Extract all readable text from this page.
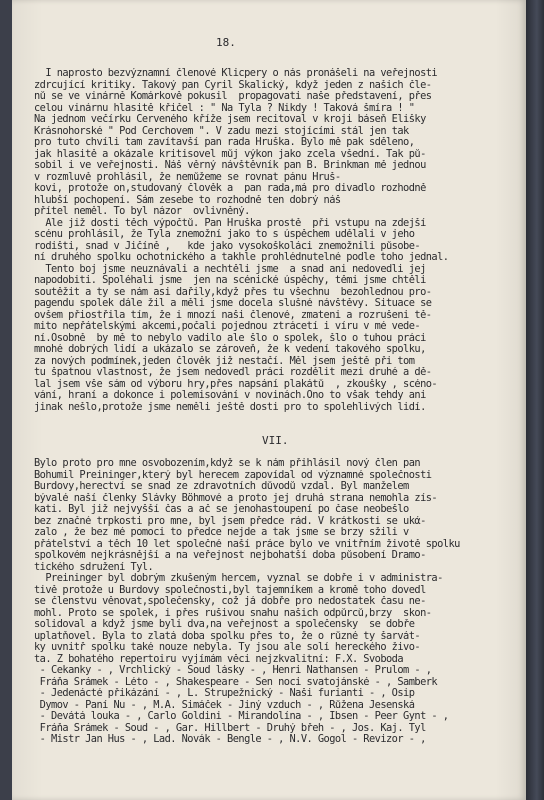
18.

I naprosto bezvýznamní členové Klicpery o nás pronášeli na veřejnosti
zdrcující kritiky. Takový pan Cyril Skalický, když jeden z našich čle-
nů se ve vinárně Komárkově pokusil  propagovati naše představení, přes
celou vinárnu hlasitě křičel : " Na Tyla ? Nikdy ! Taková šmíra ! "
Na jednom večírku Červeného kříže jsem recitoval v kroji báseň Elišky
Krásnohorské " Pod Čerchovem ". V zadu mezi stojícími stál jen tak
pro tuto chvíli tam zavítavší pan rada Hruška. Bylo mě pak sděleno,
jak hlasitě a okázale kritisovel můj výkon jako zcela všední. Tak pů-
sobil i ve veřejnosti. Náš věrný návštěvník pan B. Brinkman mě jednou
v rozmluvě prohlásil, že nemůžeme se rovnat pánu Hruš-
kovi, protože on,studovaný člověk a  pan rada,má pro divadlo rozhodně
hlubší pochopení. Sám zesebe to rozhodně ten dobrý náš
přítel neměl. To byl názor  ovlivněný.
Ale již dosti těch výpočtů. Pan Hruška prostě  při vstupu na zdejší
scénu prohlásil, že Tyla znemožní jako to s úspěchem udělali v jeho
rodišti, snad v Jičíně ,   kde jako vysokoškoláci znemožnili působe-
ní druhého spolku ochotnického a takhle prohlédnutelné podle toho jednal.
Tento boj jsme neuznávali a nechtěli jsme  a snad ani nedovedli jej
napodobiti. Spoléhali jsme  jen na scénické úspěchy, těmi jsme chtěli
soutěžit a ty se nám asi dařily,když přes tu všechnu  bezohlednou pro-
pagendu spolek dále žil a měli jsme docela slušné návštěvy. Situace se
ovšem přiostřila tím, že i mnozí naši členové, zmateni a rozrušeni tě-
mito nepřátelskými akcemi,počali pojednou ztrácetí i víru v mé vede-
ní.Osobně  by mě to nebylo vadilo ale šlo o spolek, šlo o tuhou práci
mnohé dobrých lidí a ukázalo se zároveň, že k vedení takového spolku,
za nových podmínek,jeden člověk již nestačí. Měl jsem ještě při tom
tu špatnou vlastnost, že jsem nedovedl práci rozdělit mezi druhé a dě-
lal jsem vše sám od výboru hry,přes napsání plakátů  , zkoušky , scéno-
vání, hraní a dokonce i polemisování v novinách.Ono to však tehdy ani
jinak nešlo,protože jsme neměli ještě dosti pro to spolehlivých lidí.

Bylo proto pro mne osvobozením,když se k nám přihlásil nový člen pan
Bohumil Preininger,který byl herecem zapovídal od významné společnosti
Burdovy,herectví se snad ze zdravotních důvodů vzdal. Byl manželem
bývalé naší členky Slávky Böhmové a proto jej druhá strana nemohla zís-
kati. Byl již nejvyšší čas a ač se jenohastoupení po čase neobešlo
bez značné trpkosti pro mne, byl jsem předce rád. V krátkosti se ukά-
zalo , že bez mé pomoci to předce nejde a tak jsme se brzy sžili v
přátelství a těch 10 let společné naší práce bylo ve vnitřním životě spolku
spolkovém nejkrásnější a na veřejnost nejbohatší doba působení Dramo-
tického sdružení Tyl.
Preininger byl dobrým zkušeným hercem, vyznal se dobře i v administra-
tivě protože u Burdovy společnosti,byl tajemníkem a kromě toho dovedl
se členstvu věnovat,společensky, což já dobře pro nedostatek času ne-
mohl. Proto se spolek, i přes rušivou snahu našich odpůrců,brzy  skon-
solidoval a když jsme byli dva,na veřejnost a společensky  se dobře
uplatňovel. Byla to zlatá doba spolku přes to, že o různé ty šarvát-
ky uvnitř spolku také nouze nebyla. Ty jsou ale solí hereckého živo-
ta. Z bohatého repertoiru vyjímám věci nejzkvalitní: F.X. Svoboda
- Čekanky - , Vrchlický - Soud lásky - , Henri Nathansen - Prulom - ,
Fráňa Šrámek - Léto - , Shakespeare - Sen noci svatojánské - , Šamberk
- Jedenácté přikázání - , L. Strupežnický - Naši furianti - , Osip
Dymov - Paní Nu - , M.A. Šimáček - Jiný vzduch - , Růžena Jesenská
- Devátá louka - , Carlo Goldini - Mirandolína - , Ibsen - Peer Gynt - ,
Fráňa Šrámek - Soud - , Gar. Hillbert - Druhý břeh - , Jos. Kaj. Tyl
- Mistr Jan Hus - , Lad. Novák - Bengle - , N.V. Gogol - Revizor - ,

VII.
